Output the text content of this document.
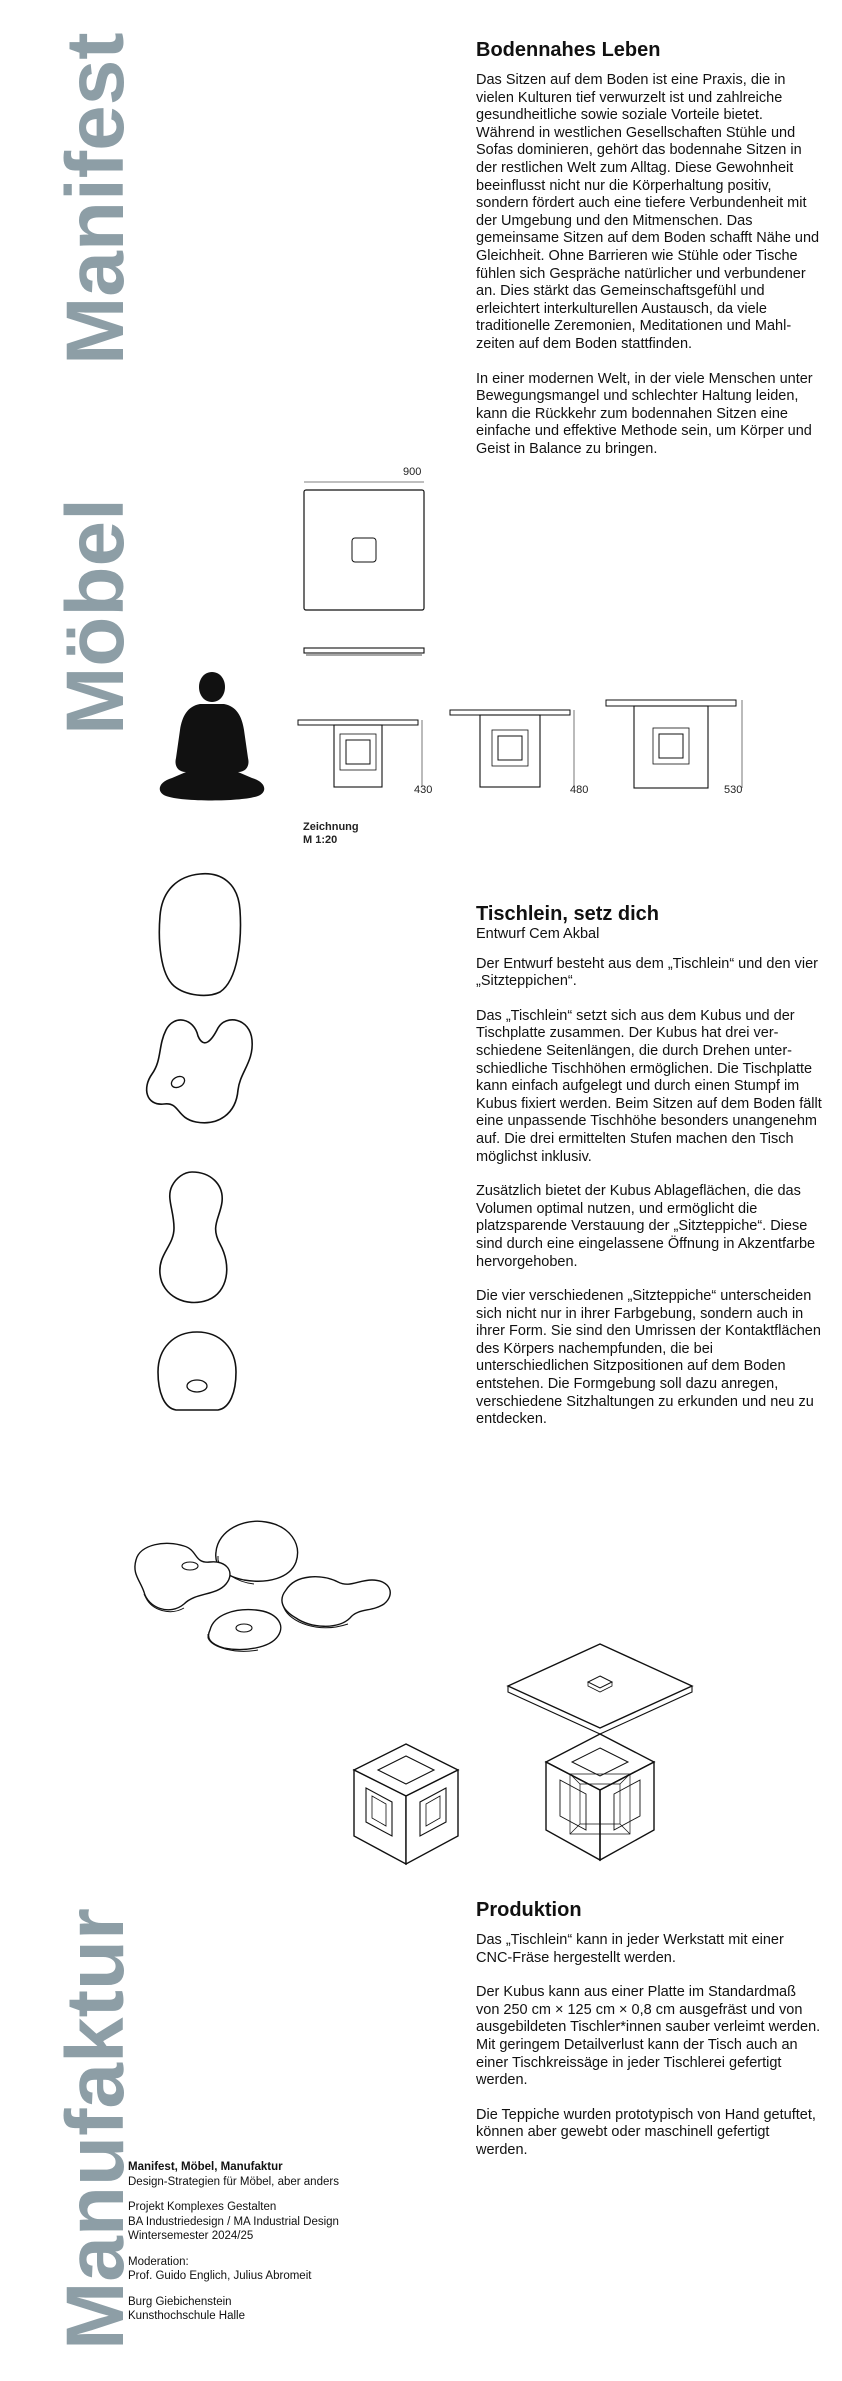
Manifest
Möbel
Manufaktur
Bodennahes Leben

Das Sitzen auf dem Boden ist eine Praxis, die in vielen Kulturen tief verwurzelt ist und zahlreiche gesundheitliche sowie soziale Vorteile bietet. Während in westlichen Gesellschaften Stühle und Sofas dominieren, gehört das bodennahe Sitzen in der restlichen Welt zum Alltag. Diese Gewohnheit beeinflusst nicht nur die Körperhaltung positiv, sondern fördert auch eine tiefere Verbundenheit mit der Umgebung und den Mitmenschen. Das gemeinsame Sitzen auf dem Boden schafft Nähe und Gleichheit. Ohne Barrieren wie Stühle oder Tische fühlen sich Gespräche natürlicher und verbundener an. Dies stärkt das Gemeinschaftsgefühl und erleichtert interkulturellen Austausch, da viele traditionelle Zeremonien, Meditationen und Mahlzeiten auf dem Boden stattfinden.

In einer modernen Welt, in der viele Menschen unter Bewegungsmangel und schlechter Haltung leiden, kann die Rückkehr zum bodennahen Sitzen eine einfache und effektive Methode sein, um Körper und Geist in Balance zu bringen.

900
430	480	530
Zeichnung
M 1:20
Tischlein, setz dich
Entwurf Cem Akbal

Der Entwurf besteht aus dem „Tischlein“ und den vier „Sitzteppichen“.

Das „Tischlein“ setzt sich aus dem Kubus und der Tischplatte zusammen. Der Kubus hat drei verschiedene Seitenlängen, die durch Drehen unterschiedliche Tischhöhen ermöglichen. Die Tischplatte kann einfach aufgelegt und durch einen Stumpf im Kubus fixiert werden. Beim Sitzen auf dem Boden fällt eine unpassende Tischhöhe besonders unangenehm auf. Die drei ermittelten Stufen machen den Tisch möglichst inklusiv.

Zusätzlich bietet der Kubus Ablageflächen, die das Volumen optimal nutzen, und ermöglicht die platzsparende Verstauung der „Sitzteppiche“. Diese sind durch eine eingelassene Öffnung in Akzentfarbe hervorgehoben.

Die vier verschiedenen „Sitzteppiche“ unterscheiden sich nicht nur in ihrer Farbgebung, sondern auch in ihrer Form. Sie sind den Umrissen der Kontaktflächen des Körpers nachempfunden, die bei unterschiedlichen Sitzpositionen auf dem Boden entstehen. Die Formgebung soll dazu anregen, verschiedene Sitzhaltungen zu erkunden und neu zu entdecken.

Produktion

Das „Tischlein“ kann in jeder Werkstatt mit einer CNC-Fräse hergestellt werden.

Der Kubus kann aus einer Platte im Standardmaß von 250 cm × 125 cm × 0,8 cm ausgefräst und von ausgebildeten Tischler*innen sauber verleimt werden. Mit geringem Detailverlust kann der Tisch auch an einer Tischkreissäge in jeder Tischlerei gefertigt werden.

Die Teppiche wurden prototypisch von Hand getuftet, können aber gewebt oder maschinell gefertigt werden.

Manifest, Möbel, Manufaktur
Design-Strategien für Möbel, aber anders

Projekt Komplexes Gestalten
BA Industriedesign / MA Industrial Design
Wintersemester 2024/25

Moderation:
Prof. Guido Englich, Julius Abromeit

Burg Giebichenstein
Kunsthochschule Halle
